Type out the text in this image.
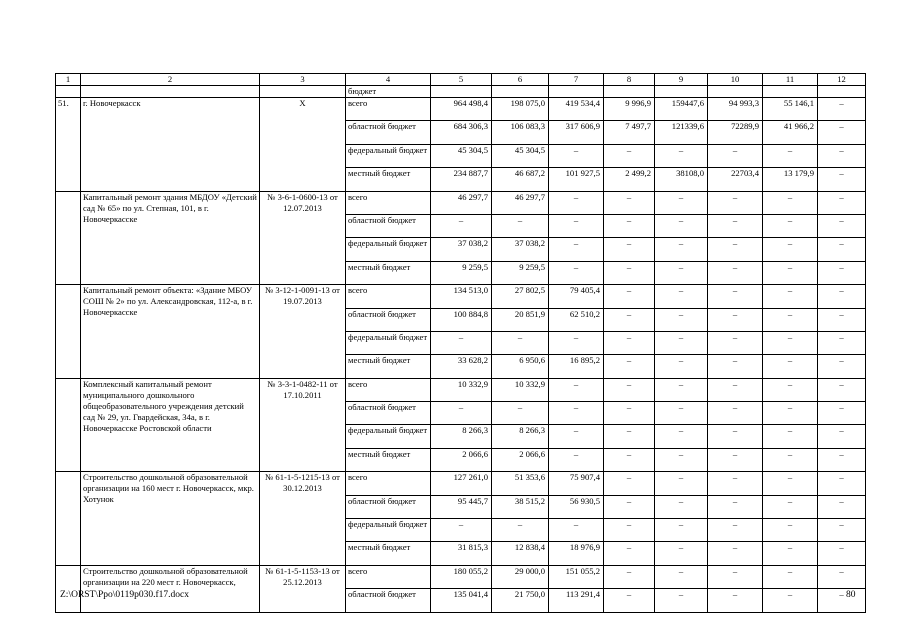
1	2	3	4	5	6	7	8	9	10	11	12
			бюджет								
51.	г. Новочеркасск	Х	всего	964 498,4	198 075,0	419 534,4	9 996,9	159447,6	94 993,3	55 146,1	–
			областной бюджет	684 306,3	106 083,3	317 606,9	7 497,7	121339,6	72289,9	41 966,2	–
			федеральный бюджет	45 304,5	45 304,5	–	–	–	–	–	–
			местный бюджет	234 887,7	46 687,2	101 927,5	2 499,2	38108,0	22703,4	13 179,9	–
	Капитальный ремонт здания МБДОУ «Детский сад № 65» по ул. Степная, 101, в г. Новочеркасске	№ 3-6-1-0600-13 от 12.07.2013	всего	46 297,7	46 297,7	–	–	–	–	–	–
			областной бюджет	–	–	–	–	–	–	–	–
			федеральный бюджет	37 038,2	37 038,2	–	–	–	–	–	–
			местный бюджет	9 259,5	9 259,5	–	–	–	–	–	–
	Капитальный ремонт объекта: «Здание МБОУ СОШ № 2» по ул. Александровская, 112-а, в г. Новочеркасске	№ 3-12-1-0091-13 от 19.07.2013	всего	134 513,0	27 802,5	79 405,4	–	–	–	–	–
			областной бюджет	100 884,8	20 851,9	62 510,2	–	–	–	–	–
			федеральный бюджет	–	–	–	–	–	–	–	–
			местный бюджет	33 628,2	6 950,6	16 895,2	–	–	–	–	–
	Комплексный капитальный ремонт муниципального дошкольного общеобразовательного учреждения детский сад № 29, ул. Гвардейская, 34а, в г. Новочеркасске Ростовской области	№ 3-3-1-0482-11 от 17.10.2011	всего	10 332,9	10 332,9	–	–	–	–	–	–
			областной бюджет	–	–	–	–	–	–	–	–
			федеральный бюджет	8 266,3	8 266,3	–	–	–	–	–	–
			местный бюджет	2 066,6	2 066,6	–	–	–	–	–	–
	Строительство дошкольной образовательной организации на 160 мест г. Новочеркасск, мкр. Хотунок	№ 61-1-5-1215-13 от 30.12.2013	всего	127 261,0	51 353,6	75 907,4	–	–	–	–	–
			областной бюджет	95 445,7	38 515,2	56 930,5	–	–	–	–	–
			федеральный бюджет	–	–	–	–	–	–	–	–
			местный бюджет	31 815,3	12 838,4	18 976,9	–	–	–	–	–
	Строительство дошкольной образовательной организации на 220 мест г. Новочеркасск,	№ 61-1-5-1153-13 от 25.12.2013	всего	180 055,2	29 000,0	151 055,2	–	–	–	–	–
			областной бюджет	135 041,4	21 750,0	113 291,4	–	–	–	–	–
Z:\ORST\Ppo\0119p030.f17.docx	80
